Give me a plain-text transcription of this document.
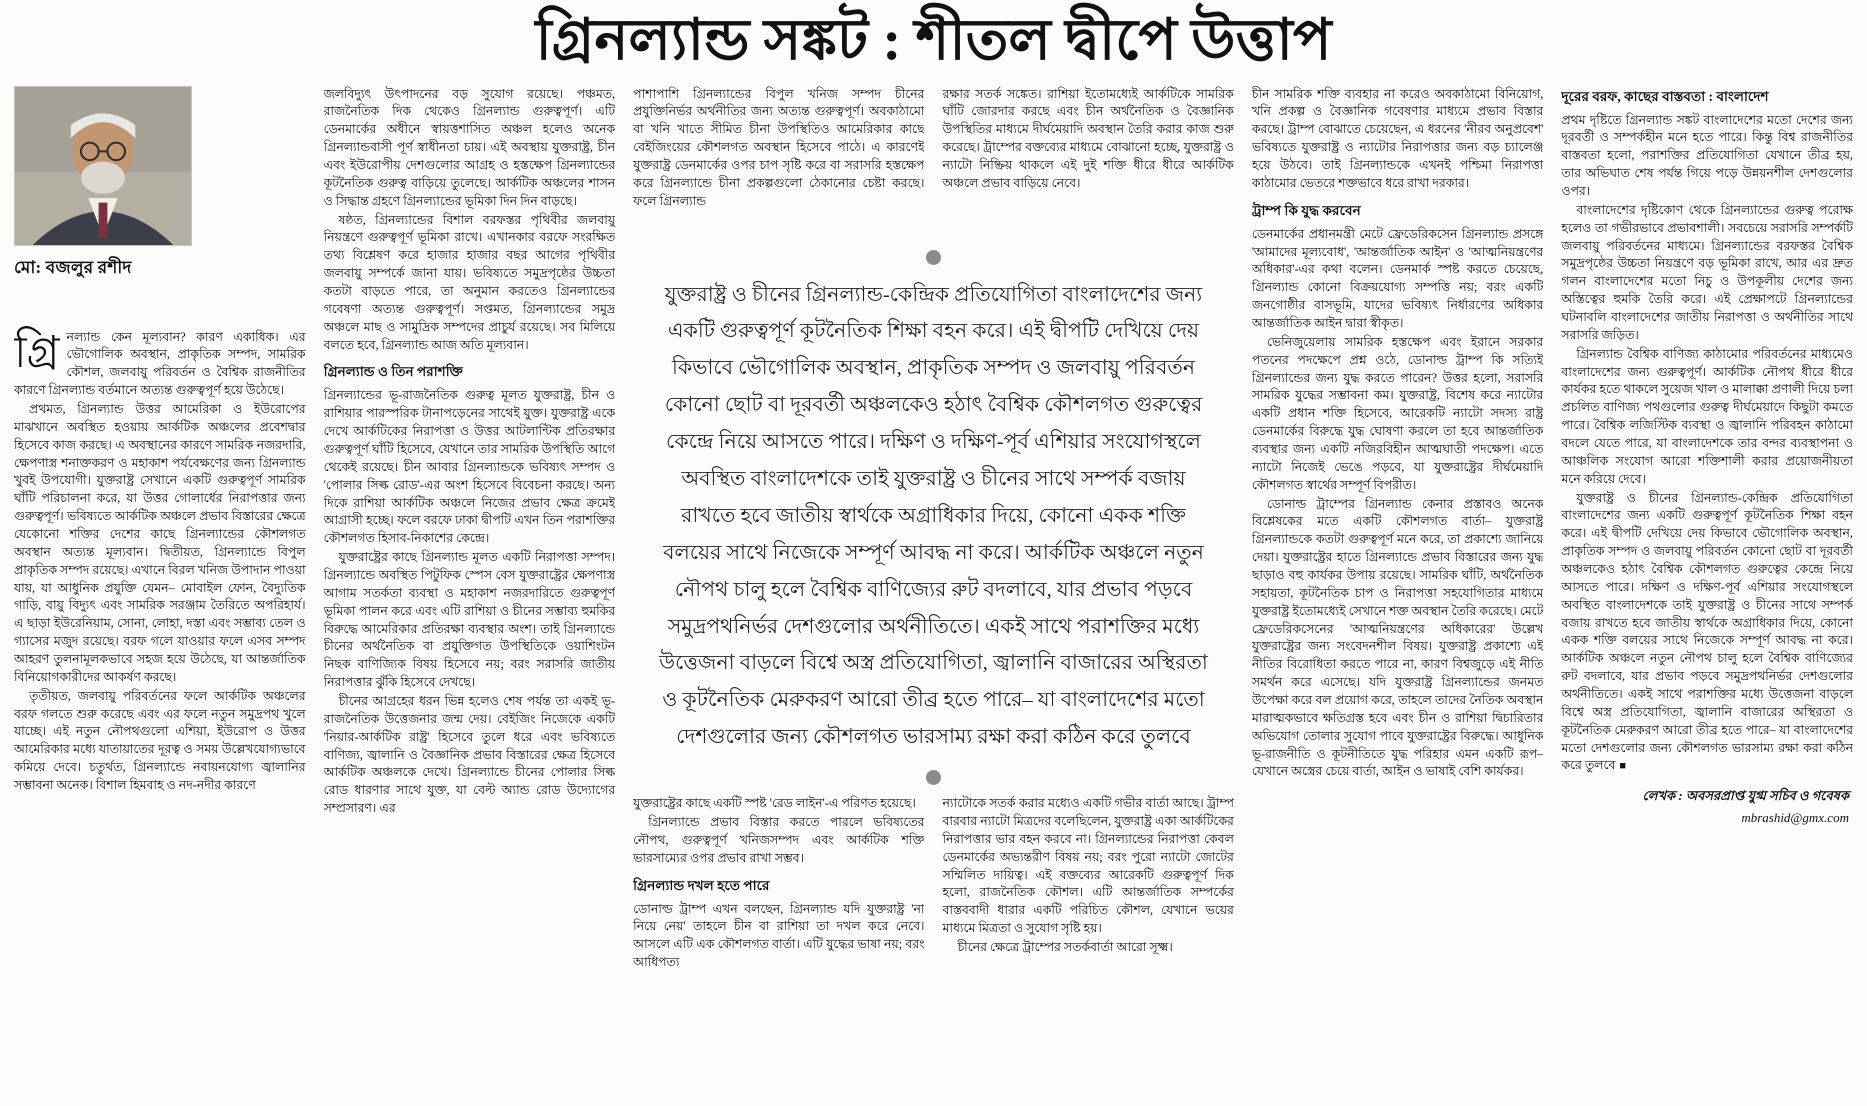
গ্রিনল্যান্ড সঙ্কট : শীতল দ্বীপে উত্তাপ
মো: বজলুর রশীদ

গ্রি নল্যান্ড কেন মূল্যবান? কারণ একাধিক। এর ভৌগোলিক অবস্থান, প্রাকৃতিক সম্পদ, সামরিক কৌশল, জলবায়ু পরিবর্তন ও বৈশ্বিক রাজনীতির কারণে গ্রিনল্যান্ড বর্তমানে অত্যন্ত গুরুত্বপূর্ণ হয়ে উঠেছে।

প্রথমত, গ্রিনল্যান্ড উত্তর আমেরিকা ও ইউরোপের মাঝখানে অবস্থিত হওয়ায় আর্কটিক অঞ্চলের প্রবেশদ্বার হিসেবে কাজ করছে। এ অবস্থানের কারণে সামরিক নজরদারি, ক্ষেপণাস্ত্র শনাক্তকরণ ও মহাকাশ পর্যবেক্ষণের জন্য গ্রিনল্যান্ড খুবই উপযোগী। যুক্তরাষ্ট্র সেখানে একটি গুরুত্বপূর্ণ সামরিক ঘাঁটি পরিচালনা করে, যা উত্তর গোলার্ধের নিরাপত্তার জন্য গুরুত্বপূর্ণ। ভবিষ্যতে আর্কটিক অঞ্চলে প্রভাব বিস্তারের ক্ষেত্রে যেকোনো শক্তির দেশের কাছে গ্রিনল্যান্ডের কৌশলগত অবস্থান অত্যন্ত মূল্যবান। দ্বিতীয়ত, গ্রিনল্যান্ডে বিপুল প্রাকৃতিক সম্পদ রয়েছে। এখানে বিরল খনিজ উপাদান পাওয়া যায়, যা আধুনিক প্রযুক্তি যেমন– মোবাইল ফোন, বৈদ্যুতিক গাড়ি, বায়ু বিদ্যুৎ এবং সামরিক সরঞ্জাম তৈরিতে অপরিহার্য। এ ছাড়া ইউরেনিয়াম, সোনা, লোহা, দস্তা এবং সম্ভাব্য তেল ও গ্যাসের মজুদ রয়েছে। বরফ গলে যাওয়ার ফলে এসব সম্পদ আহরণ তুলনামূলকভাবে সহজ হয়ে উঠেছে, যা আন্তর্জাতিক বিনিয়োগকারীদের আকর্ষণ করছে।

তৃতীয়ত, জলবায়ু পরিবর্তনের ফলে আর্কটিক অঞ্চলের বরফ গলতে শুরু করেছে এবং এর ফলে নতুন সমুদ্রপথ খুলে যাচ্ছে। এই নতুন নৌপথগুলো এশিয়া, ইউরোপ ও উত্তর আমেরিকার মধ্যে যাতায়াতের দূরত্ব ও সময় উল্লেখযোগ্যভাবে কমিয়ে দেবে। চতুর্থত, গ্রিনল্যান্ডে নবায়নযোগ্য জ্বালানির সম্ভাবনা অনেক। বিশাল হিমবাহ ও নদ-নদীর কারণে

জলবিদ্যুৎ উৎপাদনের বড় সুযোগ রয়েছে। পঞ্চমত, রাজনৈতিক দিক থেকেও গ্রিনল্যান্ড গুরুত্বপূর্ণ। এটি ডেনমার্কের অধীনে স্বায়ত্তশাসিত অঞ্চল হলেও অনেক গ্রিনল্যান্ডবাসী পূর্ণ স্বাধীনতা চায়। এই অবস্থায় যুক্তরাষ্ট্র, চীন এবং ইউরোপীয় দেশগুলোর আগ্রহ ও হস্তক্ষেপ গ্রিনল্যান্ডের কূটনৈতিক গুরুত্ব বাড়িয়ে তুলেছে। আর্কটিক অঞ্চলের শাসন ও সিদ্ধান্ত গ্রহণে গ্রিনল্যান্ডের ভূমিকা দিন দিন বাড়ছে।

ষষ্ঠত, গ্রিনল্যান্ডের বিশাল বরফস্তর পৃথিবীর জলবায়ু নিয়ন্ত্রণে গুরুত্বপূর্ণ ভূমিকা রাখে। এখানকার বরফে সংরক্ষিত তথ্য বিশ্লেষণ করে হাজার হাজার বছর আগের পৃথিবীর জলবায়ু সম্পর্কে জানা যায়। ভবিষ্যতে সমুদ্রপৃষ্ঠের উচ্চতা কতটা বাড়তে পারে, তা অনুমান করতেও গ্রিনল্যান্ডের গবেষণা অত্যন্ত গুরুত্বপূর্ণ। সপ্তমত, গ্রিনল্যান্ডের সমুদ্র অঞ্চলে মাছ ও সামুদ্রিক সম্পদের প্রাচুর্য রয়েছে। সব মিলিয়ে বলতে হবে, গ্রিনল্যান্ড আজ অতি মূল্যবান।

গ্রিনল্যান্ড ও তিন পরাশক্তি

গ্রিনল্যান্ডের ভূ-রাজনৈতিক গুরুত্ব মূলত যুক্তরাষ্ট্র, চীন ও রাশিয়ার পারস্পরিক টানাপড়েনের সাথেই যুক্ত। যুক্তরাষ্ট্র একে দেখে আর্কটিকের নিরাপত্তা ও উত্তর আটলান্টিক প্রতিরক্ষার গুরুত্বপূর্ণ ঘাঁটি হিসেবে, যেখানে তার সামরিক উপস্থিতি আগে থেকেই রয়েছে। চীন আবার গ্রিনল্যান্ডকে ভবিষ্যৎ সম্পদ ও 'পোলার সিল্ক রোড'-এর অংশ হিসেবে বিবেচনা করছে। অন্য দিকে রাশিয়া আর্কটিক অঞ্চলে নিজের প্রভাব ক্ষেত্র ক্রমেই আগ্রাসী হচ্ছে। ফলে বরফে ঢাকা দ্বীপটি এখন তিন পরাশক্তির কৌশলগত হিসাব-নিকাশের কেন্দ্রে।

যুক্তরাষ্ট্রের কাছে গ্রিনল্যান্ড মূলত একটি নিরাপত্তা সম্পদ। গ্রিনল্যান্ডে অবস্থিত পিটুফিক স্পেস বেস যুক্তরাষ্ট্রের ক্ষেপণাস্ত্র আগাম সতর্কতা ব্যবস্থা ও মহাকাশ নজরদারিতে গুরুত্বপূর্ণ ভূমিকা পালন করে এবং এটি রাশিয়া ও চীনের সম্ভাব্য হুমকির বিরুদ্ধে আমেরিকার প্রতিরক্ষা ব্যবস্থার অংশ। তাই গ্রিনল্যান্ডে চীনের অর্থনৈতিক বা প্রযুক্তিগত উপস্থিতিকে ওয়াশিংটন নিছক বাণিজ্যিক বিষয় হিসেবে নয়; বরং সরাসরি জাতীয় নিরাপত্তার ঝুঁকি হিসেবে দেখছে।

চীনের আগ্রহের ধরন ভিন্ন হলেও শেষ পর্যন্ত তা একই ভূ-রাজনৈতিক উত্তেজনার জন্ম দেয়। বেইজিং নিজেকে একটি 'নিয়ার-আর্কটিক রাষ্ট্র' হিসেবে তুলে ধরে এবং ভবিষ্যতে বাণিজ্য, জ্বালানি ও বৈজ্ঞানিক প্রভাব বিস্তারের ক্ষেত্র হিসেবে আর্কটিক অঞ্চলকে দেখে। গ্রিনল্যান্ডে চীনের পোলার সিল্ক রোড ধারণার সাথে যুক্ত, যা বেল্ট অ্যান্ড রোড উদ্যোগের সম্প্রসারণ। এর

পাশাপাশি গ্রিনল্যান্ডের বিপুল খনিজ সম্পদ চীনের প্রযুক্তিনির্ভর অর্থনীতির জন্য অত্যন্ত গুরুত্বপূর্ণ। অবকাঠামো বা খনি খাতে সীমিত চীনা উপস্থিতিও আমেরিকার কাছে বেইজিংয়ের কৌশলগত অবস্থান হিসেবে পাঠে। এ কারণেই যুক্তরাষ্ট্র ডেনমার্কের ওপর চাপ সৃষ্টি করে বা সরাসরি হস্তক্ষেপ করে গ্রিনল্যান্ডে চীনা প্রকল্পগুলো ঠেকানোর চেষ্টা করছে। ফলে গ্রিনল্যান্ড

রক্ষার সতর্ক সঙ্কেত। রাশিয়া ইতোমধ্যেই আর্কটিকে সামরিক ঘাঁটি জোরদার করছে এবং চীন অর্থনৈতিক ও বৈজ্ঞানিক উপস্থিতির মাধ্যমে দীর্ঘমেয়াদি অবস্থান তৈরি করার কাজ শুরু করেছে। ট্রাম্পের বক্তব্যের মাধ্যমে বোঝানো হচ্ছে, যুক্তরাষ্ট্র ও ন্যাটো নিষ্ক্রিয় থাকলে এই দুই শক্তি ধীরে ধীরে আর্কটিক অঞ্চলে প্রভাব বাড়িয়ে নেবে।

যুক্তরাষ্ট্র ও চীনের গ্রিনল্যান্ড-কেন্দ্রিক প্রতিযোগিতা বাংলাদেশের জন্য একটি গুরুত্বপূর্ণ কূটনৈতিক শিক্ষা বহন করে। এই দ্বীপটি দেখিয়ে দেয় কিভাবে ভৌগোলিক অবস্থান, প্রাকৃতিক সম্পদ ও জলবায়ু পরিবর্তন কোনো ছোট বা দূরবর্তী অঞ্চলকেও হঠাৎ বৈশ্বিক কৌশলগত গুরুত্বের কেন্দ্রে নিয়ে আসতে পারে। দক্ষিণ ও দক্ষিণ-পূর্ব এশিয়ার সংযোগস্থলে অবস্থিত বাংলাদেশকে তাই যুক্তরাষ্ট্র ও চীনের সাথে সম্পর্ক বজায় রাখতে হবে জাতীয় স্বার্থকে অগ্রাধিকার দিয়ে, কোনো একক শক্তি বলয়ের সাথে নিজেকে সম্পূর্ণ আবদ্ধ না করে। আর্কটিক অঞ্চলে নতুন নৌপথ চালু হলে বৈশ্বিক বাণিজ্যের রুট বদলাবে, যার প্রভাব পড়বে সমুদ্রপথনির্ভর দেশগুলোর অর্থনীতিতে। একই সাথে পরাশক্তির মধ্যে উত্তেজনা বাড়লে বিশ্বে অস্ত্র প্রতিযোগিতা, জ্বালানি বাজারের অস্থিরতা ও কূটনৈতিক মেরুকরণ আরো তীব্র হতে পারে– যা বাংলাদেশের মতো দেশগুলোর জন্য কৌশলগত ভারসাম্য রক্ষা করা কঠিন করে তুলবে

যুক্তরাষ্ট্রের কাছে একটি স্পষ্ট 'রেড লাইন'-এ পরিণত হয়েছে।

গ্রিনল্যান্ডে প্রভাব বিস্তার করতে পারলে ভবিষ্যতের নৌপথ, গুরুত্বপূর্ণ খনিজসম্পদ এবং আর্কটিক শক্তি ভারসাম্যের ওপর প্রভাব রাখা সম্ভব।

গ্রিনল্যান্ড দখল হতে পারে

ডোনাল্ড ট্রাম্প এখন বলছেন, গ্রিনল্যান্ড যদি যুক্তরাষ্ট্র 'না নিয়ে নেয়' তাহলে চীন বা রাশিয়া তা দখল করে নেবে। আসলে এটি এক কৌশলগত বার্তা। এটি যুদ্ধের ভাষা নয়; বরং আধিপত্য

ন্যাটোকে সতর্ক করার মধ্যেও একটি গভীর বার্তা আছে। ট্রাম্প বারবার ন্যাটো মিত্রদের বলেছিলেন, যুক্তরাষ্ট্র একা আর্কটিকের নিরাপত্তার ভার বহন করবে না। গ্রিনল্যান্ডের নিরাপত্তা কেবল ডেনমার্কের অভ্যন্তরীণ বিষয় নয়; বরং পুরো ন্যাটো জোটের সম্মিলিত দায়িত্ব। এই বক্তব্যের আরেকটি গুরুত্বপূর্ণ দিক হলো, রাজনৈতিক কৌশল। এটি আন্তর্জাতিক সম্পর্কের বাস্তববাদী ধারার একটি পরিচিত কৌশল, যেখানে ভয়ের মাধ্যমে মিত্রতা ও সুযোগ সৃষ্টি হয়।

চীনের ক্ষেত্রে ট্রাম্পের সতর্কবার্তা আরো সূক্ষ্ম।

চীন সামরিক শক্তি ব্যবহার না করেও অবকাঠামো বিনিয়োগ, খনি প্রকল্প ও বৈজ্ঞানিক গবেষণার মাধ্যমে প্রভাব বিস্তার করছে। ট্রাম্প বোঝাতে চেয়েছেন, এ ধরনের 'নীরব অনুপ্রবেশ' ভবিষ্যতে যুক্তরাষ্ট্র ও ন্যাটোর নিরাপত্তার জন্য বড় চ্যালেঞ্জ হয়ে উঠবে। তাই গ্রিনল্যান্ডকে এখনই পশ্চিমা নিরাপত্তা কাঠামোর ভেতরে শক্তভাবে ধরে রাখা দরকার।

ট্রাম্প কি যুদ্ধ করবেন

ডেনমার্কের প্রধানমন্ত্রী মেটে ফ্রেডেরিকসেন গ্রিনল্যান্ড প্রসঙ্গে 'আমাদের মূল্যবোধ', 'আন্তর্জাতিক আইন' ও 'আত্মনিয়ন্ত্রণের অধিকার'-এর কথা বলেন। ডেনমার্ক স্পষ্ট করতে চেয়েছে, গ্রিনল্যান্ড কোনো বিক্রয়যোগ্য সম্পত্তি নয়; বরং একটি জনগোষ্ঠীর বাসভূমি, যাদের ভবিষ্যৎ নির্ধারণের অধিকার আন্তর্জাতিক আইন দ্বারা স্বীকৃত।

ভেনিজুয়েলায় সামরিক হস্তক্ষেপ এবং ইরানে সরকার পতনের পদক্ষেপে প্রশ্ন ওঠে, ডোনাল্ড ট্রাম্প কি সত্যিই গ্রিনল্যান্ডের জন্য যুদ্ধ করতে পারেন? উত্তর হলো, সরাসরি সামরিক যুদ্ধের সম্ভাবনা কম। যুক্তরাষ্ট্র, বিশেষ করে ন্যাটোর একটি প্রধান শক্তি হিসেবে, আরেকটি ন্যাটো সদস্য রাষ্ট্র ডেনমার্কের বিরুদ্ধে যুদ্ধ ঘোষণা করলে তা হবে আন্তর্জাতিক ব্যবস্থার জন্য একটি নজিরবিহীন আত্মঘাতী পদক্ষেপ। এতে ন্যাটো নিজেই ভেঙে পড়বে, যা যুক্তরাষ্ট্রের দীর্ঘমেয়াদি কৌশলগত স্বার্থের সম্পূর্ণ বিপরীত।

ডোনাল্ড ট্রাম্পের গ্রিনল্যান্ড কেনার প্রস্তাবও অনেক বিশ্লেষকের মতে একটি কৌশলগত বার্তা– যুক্তরাষ্ট্র গ্রিনল্যান্ডকে কতটা গুরুত্বপূর্ণ মনে করে, তা প্রকাশ্যে জানিয়ে দেয়া। যুক্তরাষ্ট্রের হাতে গ্রিনল্যান্ডে প্রভাব বিস্তারের জন্য যুদ্ধ ছাড়াও বহু কার্যকর উপায় রয়েছে। সামরিক ঘাঁটি, অর্থনৈতিক সহায়তা, কূটনৈতিক চাপ ও নিরাপত্তা সহযোগিতার মাধ্যমে যুক্তরাষ্ট্র ইতোমধ্যেই সেখানে শক্ত অবস্থান তৈরি করেছে। মেটে ফ্রেডেরিকসেনের 'আত্মনিয়ন্ত্রণের অধিকারের' উল্লেখ যুক্তরাষ্ট্রের জন্য সংবেদনশীল বিষয়। যুক্তরাষ্ট্র প্রকাশ্যে এই নীতির বিরোধিতা করতে পারে না, কারণ বিশ্বজুড়ে এই নীতি সমর্থন করে এসেছে। যদি যুক্তরাষ্ট্র গ্রিনল্যান্ডের জনমত উপেক্ষা করে বল প্রয়োগ করে, তাহলে তাদের নৈতিক অবস্থান মারাত্মকভাবে ক্ষতিগ্রস্ত হবে এবং চীন ও রাশিয়া দ্বিচারিতার অভিযোগ তোলার সুযোগ পাবে যুক্তরাষ্ট্রের বিরুদ্ধে। আধুনিক ভূ-রাজনীতি ও কূটনীতিতে যুদ্ধ পরিহার এমন একটি রূপ– যেখানে অস্ত্রের চেয়ে বার্তা, আইন ও ভাষাই বেশি কার্যকর।

দূরের বরফ, কাছের বাস্তবতা : বাংলাদেশ

প্রথম দৃষ্টিতে গ্রিনল্যান্ড সঙ্কট বাংলাদেশের মতো দেশের জন্য দূরবর্তী ও সম্পর্কহীন মনে হতে পারে। কিন্তু বিশ্ব রাজনীতির বাস্তবতা হলো, পরাশক্তির প্রতিযোগিতা যেখানে তীব্র হয়, তার অভিঘাত শেষ পর্যন্ত গিয়ে পড়ে উন্নয়নশীল দেশগুলোর ওপর।

বাংলাদেশের দৃষ্টিকোণ থেকে গ্রিনল্যান্ডের গুরুত্ব পরোক্ষ হলেও তা গভীরভাবে প্রভাবশালী। সবচেয়ে সরাসরি সম্পর্কটি জলবায়ু পরিবর্তনের মাধ্যমে। গ্রিনল্যান্ডের বরফস্তর বৈশ্বিক সমুদ্রপৃষ্ঠের উচ্চতা নিয়ন্ত্রণে বড় ভূমিকা রাখে, আর এর দ্রুত গলন বাংলাদেশের মতো নিচু ও উপকূলীয় দেশের জন্য অস্তিত্বের হুমকি তৈরি করে। এই প্রেক্ষাপটে গ্রিনল্যান্ডের ঘটনাবলি বাংলাদেশের জাতীয় নিরাপত্তা ও অর্থনীতির সাথে সরাসরি জড়িত।

গ্রিনল্যান্ড বৈশ্বিক বাণিজ্য কাঠামোর পরিবর্তনের মাধ্যমেও বাংলাদেশের জন্য গুরুত্বপূর্ণ। আর্কটিক নৌপথ ধীরে ধীরে কার্যকর হতে থাকলে সুয়েজ খাল ও মালাক্কা প্রণালী দিয়ে চলা প্রচলিত বাণিজ্য পথগুলোর গুরুত্ব দীর্ঘমেয়াদে কিছুটা কমতে পারে। বৈশ্বিক লজিস্টিক ব্যবস্থা ও জ্বালানি পরিবহন কাঠামো বদলে যেতে পারে, যা বাংলাদেশকে তার বন্দর ব্যবস্থাপনা ও আঞ্চলিক সংযোগ আরো শক্তিশালী করার প্রয়োজনীয়তা মনে করিয়ে দেবে।

যুক্তরাষ্ট্র ও চীনের গ্রিনল্যান্ড-কেন্দ্রিক প্রতিযোগিতা বাংলাদেশের জন্য একটি গুরুত্বপূর্ণ কূটনৈতিক শিক্ষা বহন করে। এই দ্বীপটি দেখিয়ে দেয় কিভাবে ভৌগোলিক অবস্থান, প্রাকৃতিক সম্পদ ও জলবায়ু পরিবর্তন কোনো ছোট বা দূরবর্তী অঞ্চলকেও হঠাৎ বৈশ্বিক কৌশলগত গুরুত্বের কেন্দ্রে নিয়ে আসতে পারে। দক্ষিণ ও দক্ষিণ-পূর্ব এশিয়ার সংযোগস্থলে অবস্থিত বাংলাদেশকে তাই যুক্তরাষ্ট্র ও চীনের সাথে সম্পর্ক বজায় রাখতে হবে জাতীয় স্বার্থকে অগ্রাধিকার দিয়ে, কোনো একক শক্তি বলয়ের সাথে নিজেকে সম্পূর্ণ আবদ্ধ না করে। আর্কটিক অঞ্চলে নতুন নৌপথ চালু হলে বৈশ্বিক বাণিজ্যের রুট বদলাবে, যার প্রভাব পড়বে সমুদ্রপথনির্ভর দেশগুলোর অর্থনীতিতে। একই সাথে পরাশক্তির মধ্যে উত্তেজনা বাড়লে বিশ্বে অস্ত্র প্রতিযোগিতা, জ্বালানি বাজারের অস্থিরতা ও কূটনৈতিক মেরুকরণ আরো তীব্র হতে পারে– যা বাংলাদেশের মতো দেশগুলোর জন্য কৌশলগত ভারসাম্য রক্ষা করা কঠিন করে তুলবে ■

লেখক : অবসরপ্রাপ্ত যুগ্ম সচিব ও গবেষক
mbrashid@gmx.com
